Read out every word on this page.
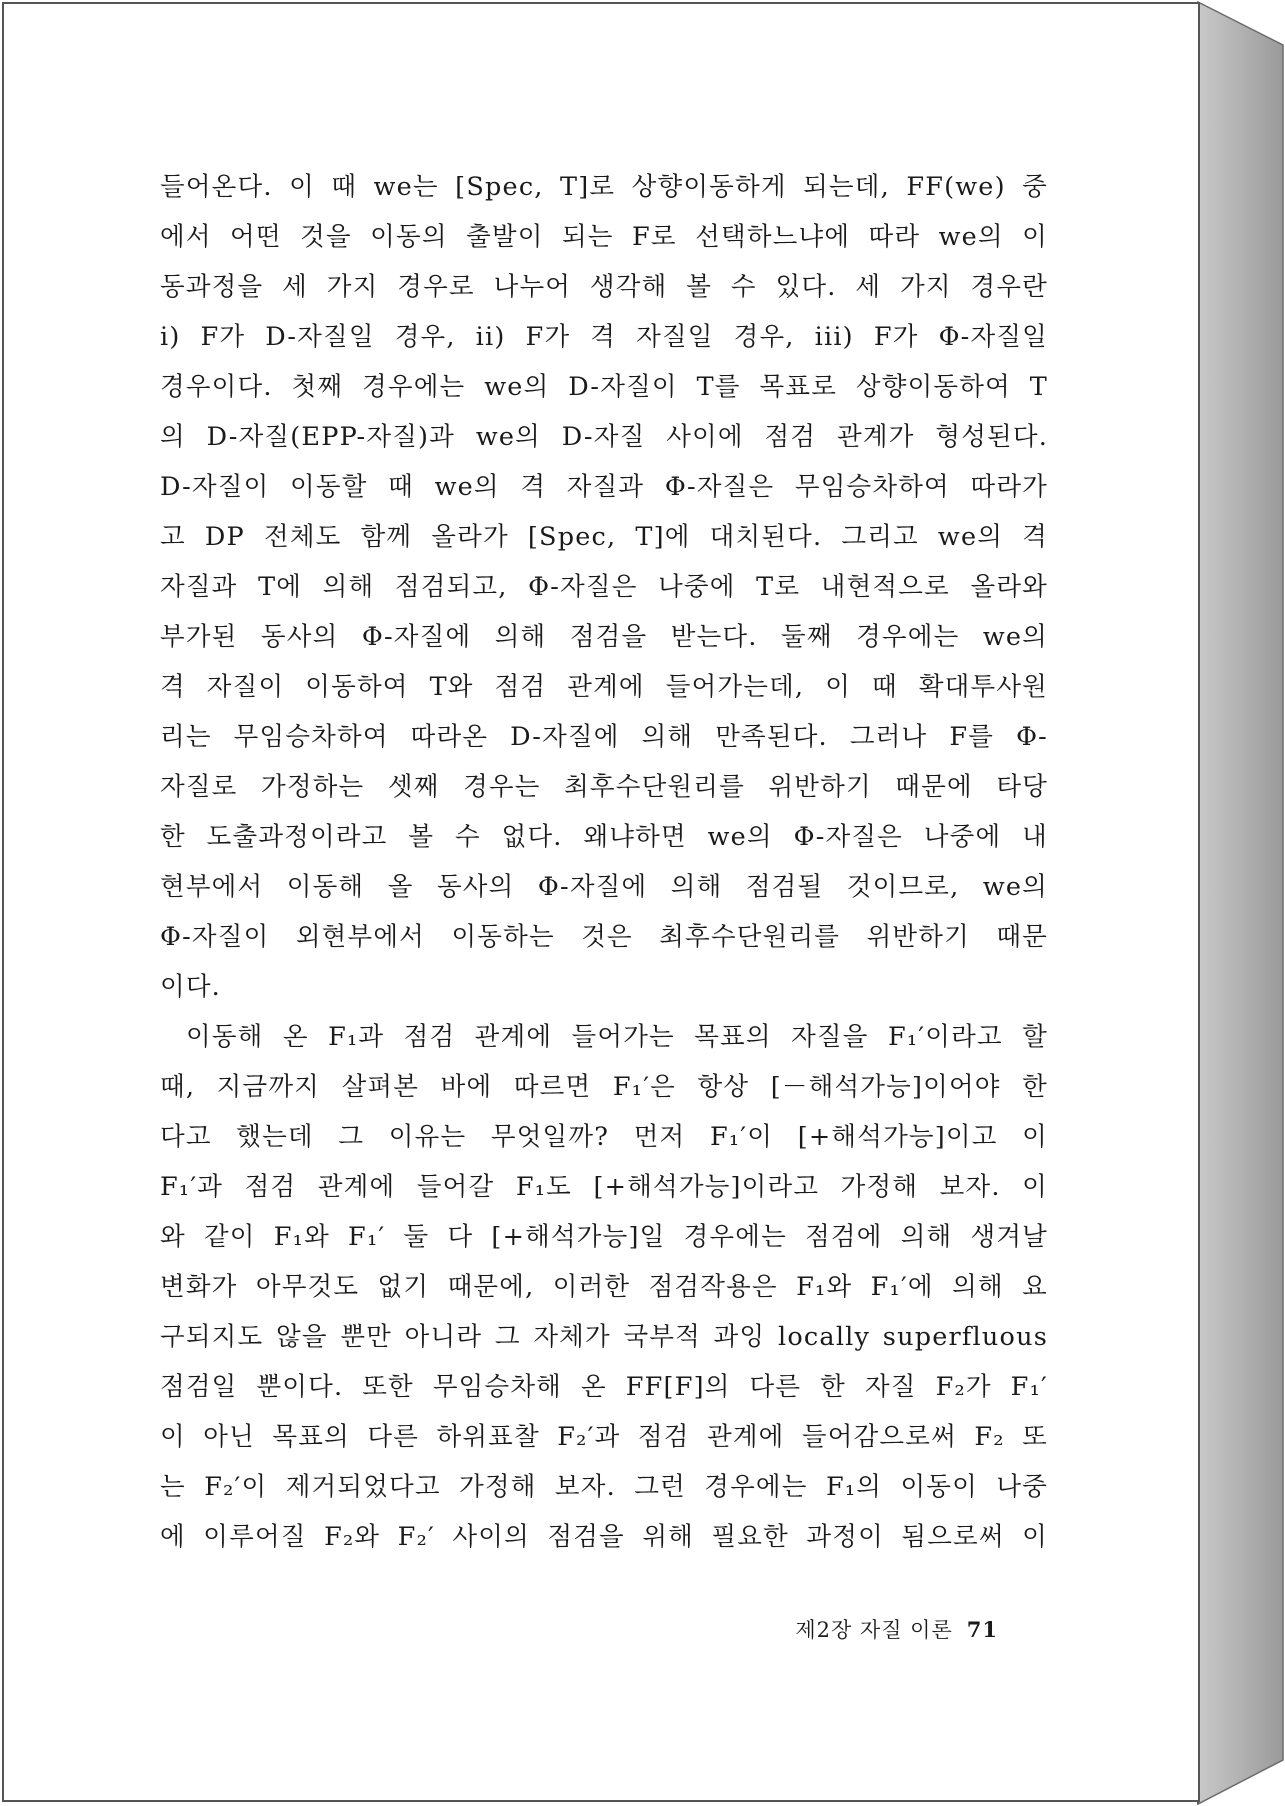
들어온다. 이 때 we는 [Spec, T]로 상향이동하게 되는데, FF(we) 중
에서 어떤 것을 이동의 출발이 되는 F로 선택하느냐에 따라 we의 이
동과정을 세 가지 경우로 나누어 생각해 볼 수 있다. 세 가지 경우란
i) F가 D-자질일 경우, ii) F가 격 자질일 경우, iii) F가 Φ-자질일
경우이다. 첫째 경우에는 we의 D-자질이 T를 목표로 상향이동하여 T
의 D-자질(EPP-자질)과 we의 D-자질 사이에 점검 관계가 형성된다.
D-자질이 이동할 때 we의 격 자질과 Φ-자질은 무임승차하여 따라가
고 DP 전체도 함께 올라가 [Spec, T]에 대치된다. 그리고 we의 격
자질과 T에 의해 점검되고, Φ-자질은 나중에 T로 내현적으로 올라와
부가된 동사의 Φ-자질에 의해 점검을 받는다. 둘째 경우에는 we의
격 자질이 이동하여 T와 점검 관계에 들어가는데, 이 때 확대투사원
리는 무임승차하여 따라온 D-자질에 의해 만족된다. 그러나 F를 Φ-
자질로 가정하는 셋째 경우는 최후수단원리를 위반하기 때문에 타당
한 도출과정이라고 볼 수 없다. 왜냐하면 we의 Φ-자질은 나중에 내
현부에서 이동해 올 동사의 Φ-자질에 의해 점검될 것이므로, we의
Φ-자질이 외현부에서 이동하는 것은 최후수단원리를 위반하기 때문
이다.
이동해 온 F₁과 점검 관계에 들어가는 목표의 자질을 F₁′이라고 할
때, 지금까지 살펴본 바에 따르면 F₁′은 항상 [－해석가능]이어야 한
다고 했는데 그 이유는 무엇일까? 먼저 F₁′이 [+해석가능]이고 이
F₁′과 점검 관계에 들어갈 F₁도 [+해석가능]이라고 가정해 보자. 이
와 같이 F₁와 F₁′ 둘 다 [+해석가능]일 경우에는 점검에 의해 생겨날
변화가 아무것도 없기 때문에, 이러한 점검작용은 F₁와 F₁′에 의해 요
구되지도 않을 뿐만 아니라 그 자체가 국부적 과잉 locally superfluous
점검일 뿐이다. 또한 무임승차해 온 FF[F]의 다른 한 자질 F₂가 F₁′
이 아닌 목표의 다른 하위표찰 F₂′과 점검 관계에 들어감으로써 F₂ 또
는 F₂′이 제거되었다고 가정해 보자. 그런 경우에는 F₁의 이동이 나중
에 이루어질 F₂와 F₂′ 사이의 점검을 위해 필요한 과정이 됨으로써 이
제2장 자질 이론 71
